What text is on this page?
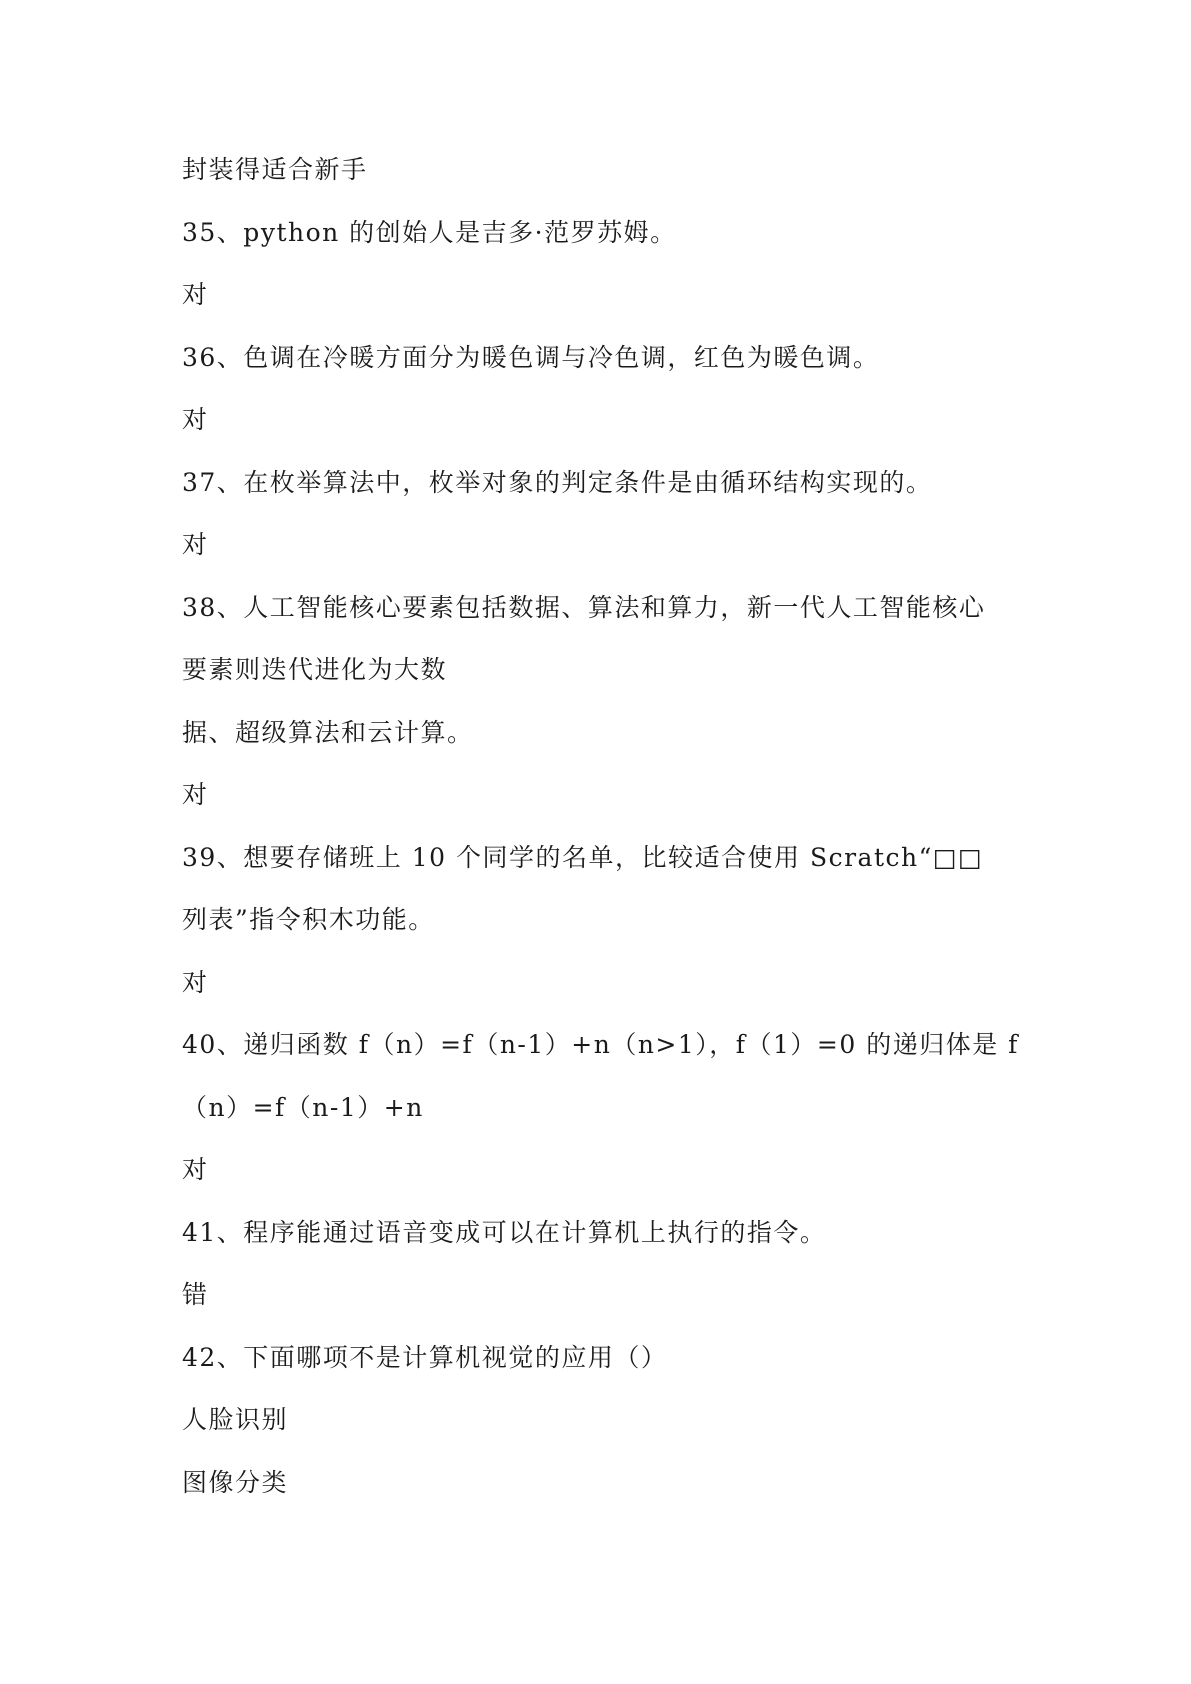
封装得适合新手

35、python 的创始人是吉多·范罗苏姆。

对

36、色调在冷暖方面分为暖色调与冷色调，红色为暖色调。

对

37、在枚举算法中，枚举对象的判定条件是由循环结构实现的。

对

38、人工智能核心要素包括数据、算法和算力，新一代人工智能核心

要素则迭代进化为大数

据、超级算法和云计算。

对

39、想要存储班上 10 个同学的名单，比较适合使用 Scratch“□□

列表”指令积木功能。

对

40、递归函数 f（n）=f（n-1）+n（n>1），f（1）=0 的递归体是 f

（n）=f（n-1）+n

对

41、程序能通过语音变成可以在计算机上执行的指令。

错

42、下面哪项不是计算机视觉的应用（）

人脸识别

图像分类
